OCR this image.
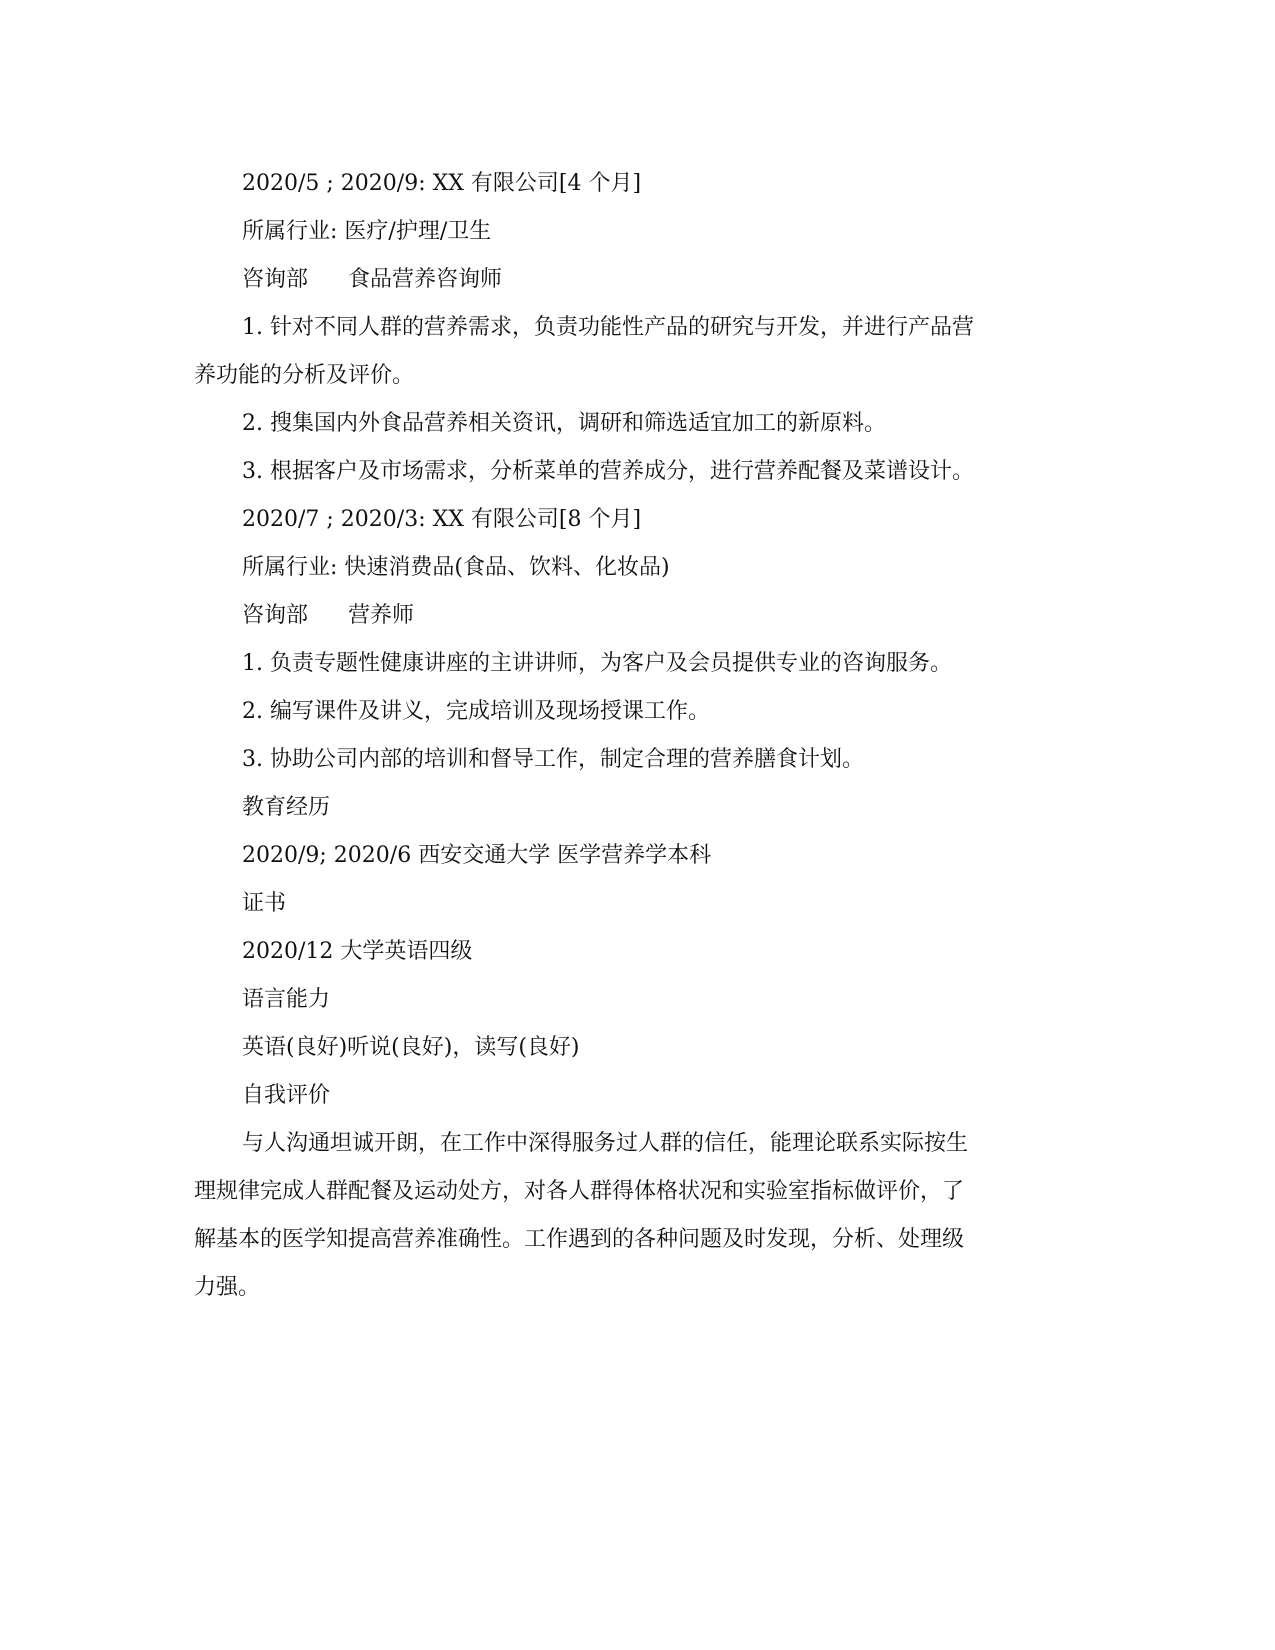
2020/5 ; 2020/9: XX 有限公司[4 个月]
所属行业: 医疗/护理/卫生
咨询部 食品营养咨询师
1. 针对不同人群的营养需求，负责功能性产品的研究与开发，并进行产品营
养功能的分析及评价。
2. 搜集国内外食品营养相关资讯，调研和筛选适宜加工的新原料。
3. 根据客户及市场需求，分析菜单的营养成分，进行营养配餐及菜谱设计。
2020/7 ; 2020/3: XX 有限公司[8 个月]
所属行业: 快速消费品(食品、饮料、化妆品)
咨询部 营养师
1. 负责专题性健康讲座的主讲讲师，为客户及会员提供专业的咨询服务。
2. 编写课件及讲义，完成培训及现场授课工作。
3. 协助公司内部的培训和督导工作，制定合理的营养膳食计划。
教育经历
2020/9; 2020/6 西安交通大学 医学营养学本科
证书
2020/12 大学英语四级
语言能力
英语(良好)听说(良好)，读写(良好)
自我评价
与人沟通坦诚开朗，在工作中深得服务过人群的信任，能理论联系实际按生
理规律完成人群配餐及运动处方，对各人群得体格状况和实验室指标做评价，了
解基本的医学知提高营养准确性。工作遇到的各种问题及时发现，分析、处理级
力强。
